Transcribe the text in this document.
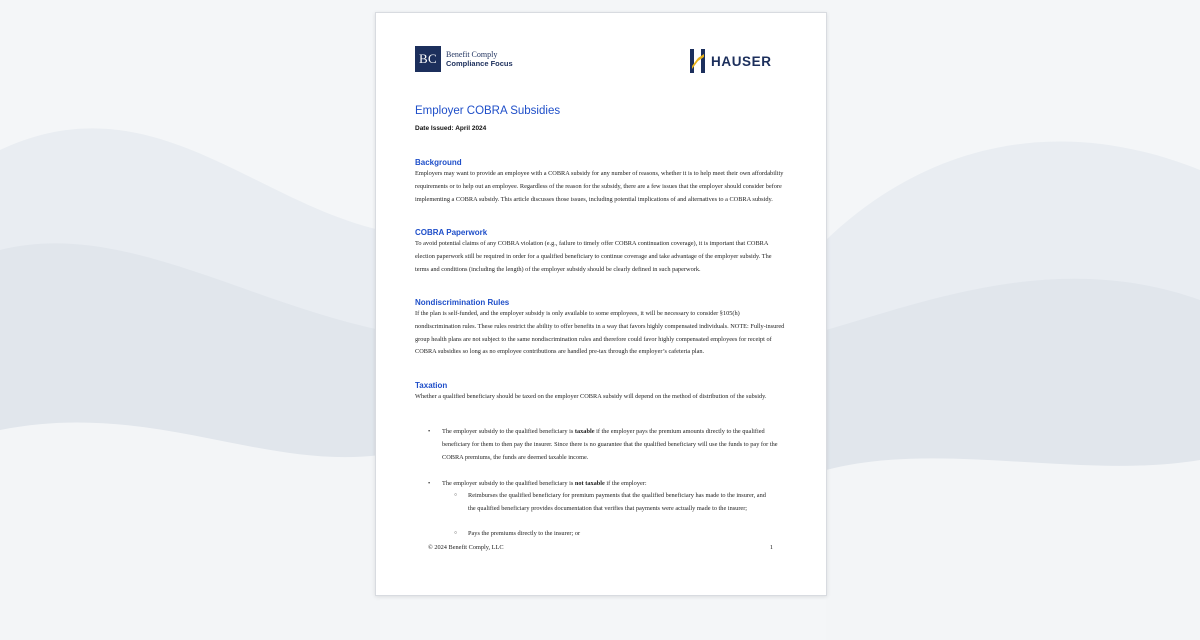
BC	Benefit Comply
Compliance Focus	HAUSER
Employer COBRA Subsidies
Date Issued: April 2024
Background

Employers may want to provide an employee with a COBRA subsidy for any number of reasons, whether it is to help meet their own affordability requirements or to help out an employee. Regardless of the reason for the subsidy, there are a few issues that the employer should consider before implementing a COBRA subsidy. This article discusses those issues, including potential implications of and alternatives to a COBRA subsidy.

COBRA Paperwork

To avoid potential claims of any COBRA violation (e.g., failure to timely offer COBRA continuation coverage), it is important that COBRA election paperwork still be required in order for a qualified beneficiary to continue coverage and take advantage of the employer subsidy. The terms and conditions (including the length) of the employer subsidy should be clearly defined in such paperwork.

Nondiscrimination Rules

If the plan is self-funded, and the employer subsidy is only available to some employees, it will be necessary to consider §105(h) nondiscrimination rules. These rules restrict the ability to offer benefits in a way that favors highly compensated individuals. NOTE: Fully-insured group health plans are not subject to the same nondiscrimination rules and therefore could favor highly compensated employees for receipt of COBRA subsidies so long as no employee contributions are handled pre-tax through the employer’s cafeteria plan.

Taxation

Whether a qualified beneficiary should be taxed on the employer COBRA subsidy will depend on the method of distribution of the subsidy.

• The employer subsidy to the qualified beneficiary is taxable if the employer pays the premium amounts directly to the qualified beneficiary for them to then pay the insurer. Since there is no guarantee that the qualified beneficiary will use the funds to pay for the COBRA premiums, the funds are deemed taxable income.
• The employer subsidy to the qualified beneficiary is not taxable if the employer:
○ Reimburses the qualified beneficiary for premium payments that the qualified beneficiary has made to the insurer, and the qualified beneficiary provides documentation that verifies that payments were actually made to the insurer;
○ Pays the premiums directly to the insurer; or
© 2024 Benefit Comply, LLC	1
